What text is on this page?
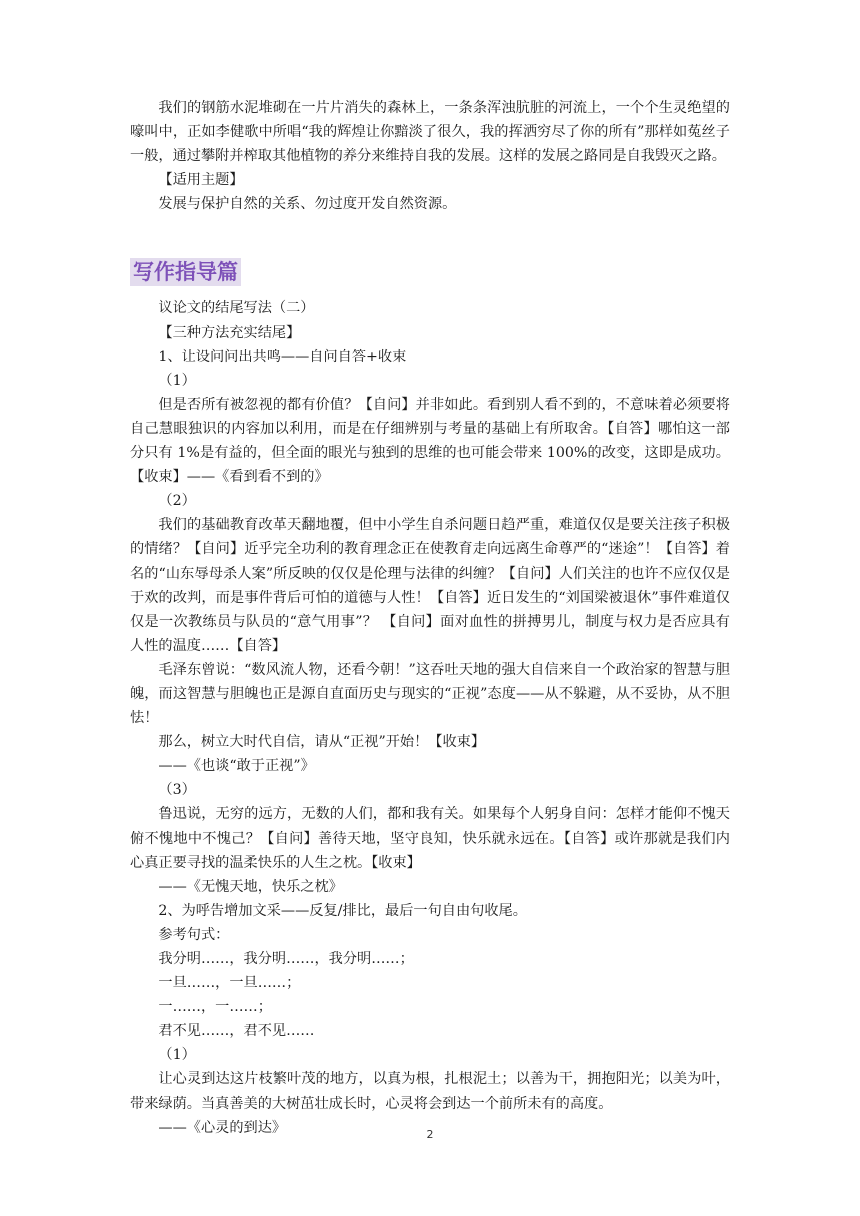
我们的钢筋水泥堆砌在一片片消失的森林上，一条条浑浊肮脏的河流上，一个个生灵绝望的嚎叫中，正如李健歌中所唱“我的辉煌让你黯淡了很久，我的挥洒穷尽了你的所有”那样如菟丝子一般，通过攀附并榨取其他植物的养分来维持自我的发展。这样的发展之路同是自我毁灭之路。

【适用主题】

发展与保护自然的关系、勿过度开发自然资源。

写作指导篇

议论文的结尾写法（二）

【三种方法充实结尾】

1、让设问问出共鸣——自问自答+收束

（1）

但是否所有被忽视的都有价值？【自问】并非如此。看到别人看不到的，不意味着必须要将自己慧眼独识的内容加以利用，而是在仔细辨别与考量的基础上有所取舍。【自答】哪怕这一部分只有 1%是有益的，但全面的眼光与独到的思维的也可能会带来 100%的改变，这即是成功。【收束】——《看到看不到的》

（2）

我们的基础教育改革天翻地覆，但中小学生自杀问题日趋严重，难道仅仅是要关注孩子积极的情绪？【自问】近乎完全功利的教育理念正在使教育走向远离生命尊严的“迷途”！【自答】着名的“山东辱母杀人案”所反映的仅仅是伦理与法律的纠缠？【自问】人们关注的也许不应仅仅是于欢的改判，而是事件背后可怕的道德与人性！【自答】近日发生的“刘国梁被退休”事件难道仅仅是一次教练员与队员的“意气用事”？ 【自问】面对血性的拼搏男儿，制度与权力是否应具有人性的温度……【自答】

毛泽东曾说：“数风流人物，还看今朝！”这吞吐天地的强大自信来自一个政治家的智慧与胆魄，而这智慧与胆魄也正是源自直面历史与现实的“正视”态度——从不躲避，从不妥协，从不胆怯！

那么，树立大时代自信，请从“正视”开始！【收束】

——《也谈“敢于正视”》

（3）

鲁迅说，无穷的远方，无数的人们，都和我有关。如果每个人躬身自问：怎样才能仰不愧天俯不愧地中不愧己？【自问】善待天地，坚守良知，快乐就永远在。【自答】或许那就是我们内心真正要寻找的温柔快乐的人生之枕。【收束】

——《无愧天地，快乐之枕》

2、为呼告增加文采——反复/排比，最后一句自由句收尾。

参考句式：

我分明……，我分明……，我分明……；

一旦……，一旦……；

一……，一……；

君不见……，君不见……

（1）

让心灵到达这片枝繁叶茂的地方，以真为根，扎根泥土；以善为干，拥抱阳光；以美为叶，带来绿荫。当真善美的大树茁壮成长时，心灵将会到达一个前所未有的高度。

——《心灵的到达》	2
